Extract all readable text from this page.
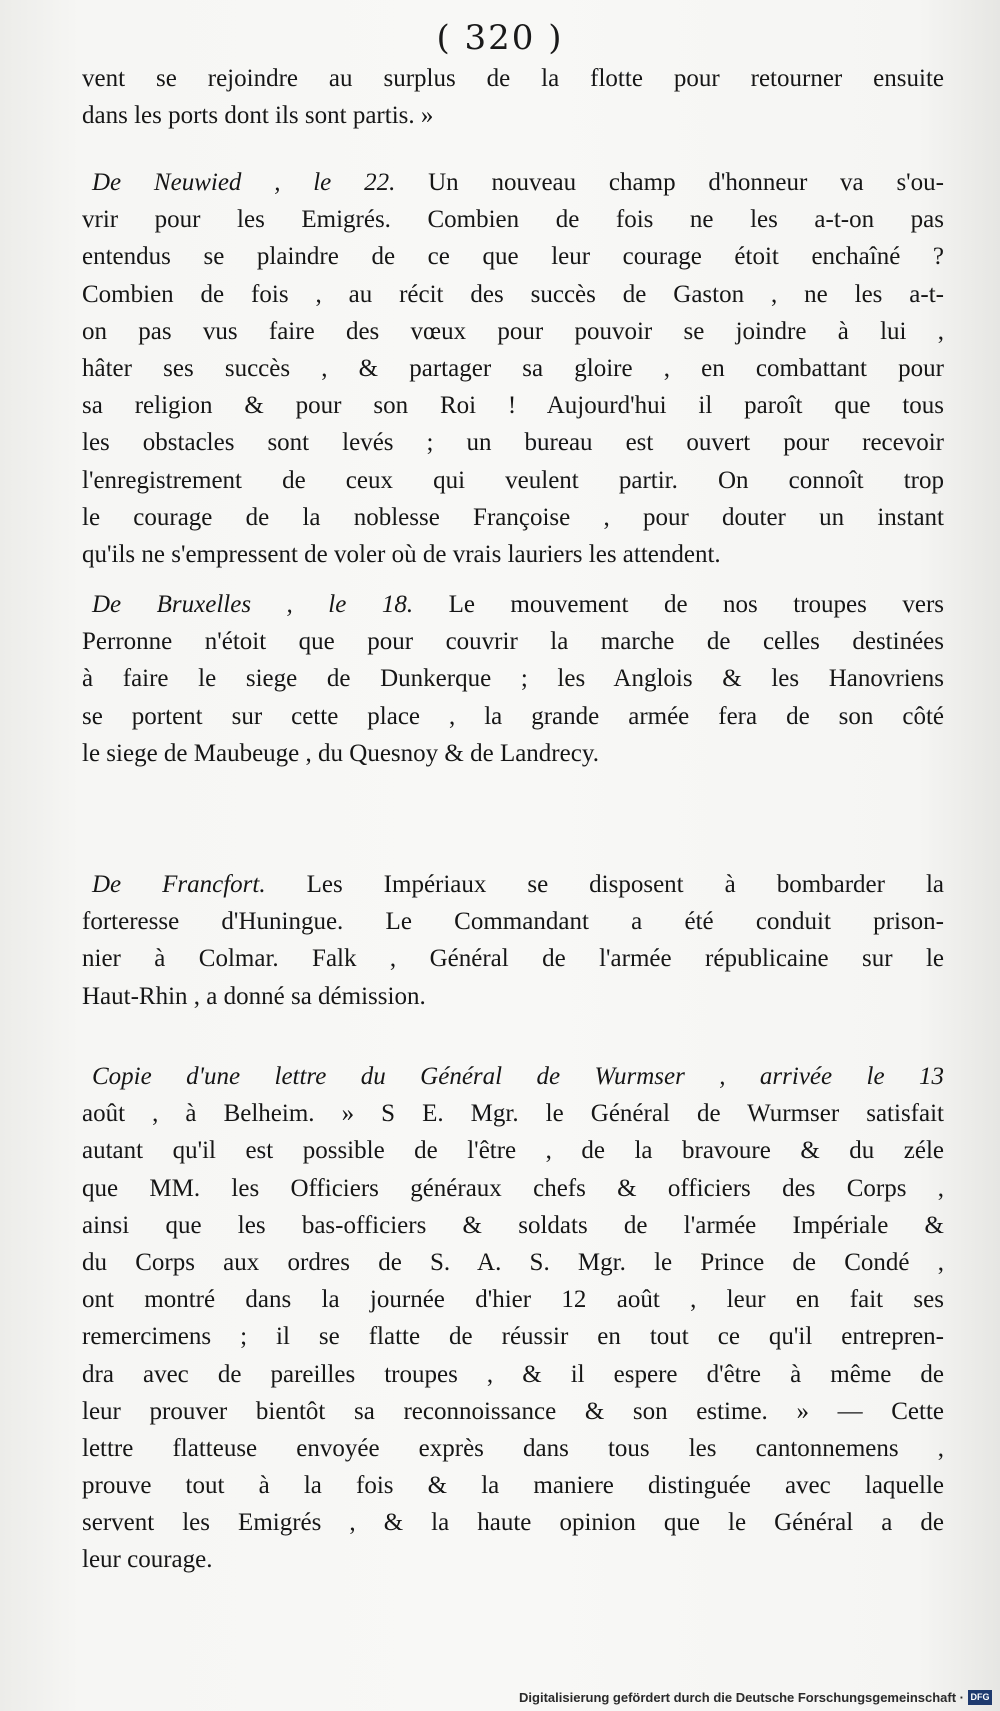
( 320 )
vent se rejoindre au surplus de la flotte pour retourner ensuite
dans les ports dont ils sont partis. »
De Neuwied , le 22. Un nouveau champ d'honneur va s'ou-
vrir pour les Emigrés. Combien de fois ne les a-t-on pas
entendus se plaindre de ce que leur courage étoit enchaîné ?
Combien de fois , au récit des succès de Gaston , ne les a-t-
on pas vus faire des vœux pour pouvoir se joindre à lui ,
hâter ses succès , & partager sa gloire , en combattant pour
sa religion & pour son Roi ! Aujourd'hui il paroît que tous
les obstacles sont levés ; un bureau est ouvert pour recevoir
l'enregistrement de ceux qui veulent partir. On connoît trop
le courage de la noblesse Françoise , pour douter un instant
qu'ils ne s'empressent de voler où de vrais lauriers les attendent.
De Bruxelles , le 18. Le mouvement de nos troupes vers
Perronne n'étoit que pour couvrir la marche de celles destinées
à faire le siege de Dunkerque ; les Anglois & les Hanovriens
se portent sur cette place , la grande armée fera de son côté
le siege de Maubeuge , du Quesnoy & de Landrecy.
De Francfort. Les Impériaux se disposent à bombarder la
forteresse d'Huningue. Le Commandant a été conduit prison-
nier à Colmar. Falk , Général de l'armée républicaine sur le
Haut-Rhin , a donné sa démission.
Copie d'une lettre du Général de Wurmser , arrivée le 13
août , à Belheim. » S E. Mgr. le Général de Wurmser satisfait
autant qu'il est possible de l'être , de la bravoure & du zéle
que MM. les Officiers généraux chefs & officiers des Corps ,
ainsi que les bas-officiers & soldats de l'armée Impériale &
du Corps aux ordres de S. A. S. Mgr. le Prince de Condé ,
ont montré dans la journée d'hier 12 août , leur en fait ses
remercimens ; il se flatte de réussir en tout ce qu'il entrepren-
dra avec de pareilles troupes , & il espere d'être à même de
leur prouver bientôt sa reconnoissance & son estime. » — Cette
lettre flatteuse envoyée exprès dans tous les cantonnemens ,
prouve tout à la fois & la maniere distinguée avec laquelle
servent les Emigrés , & la haute opinion que le Général a de
leur courage.
Digitalisierung gefördert durch die Deutsche Forschungsgemeinschaft · DFG
